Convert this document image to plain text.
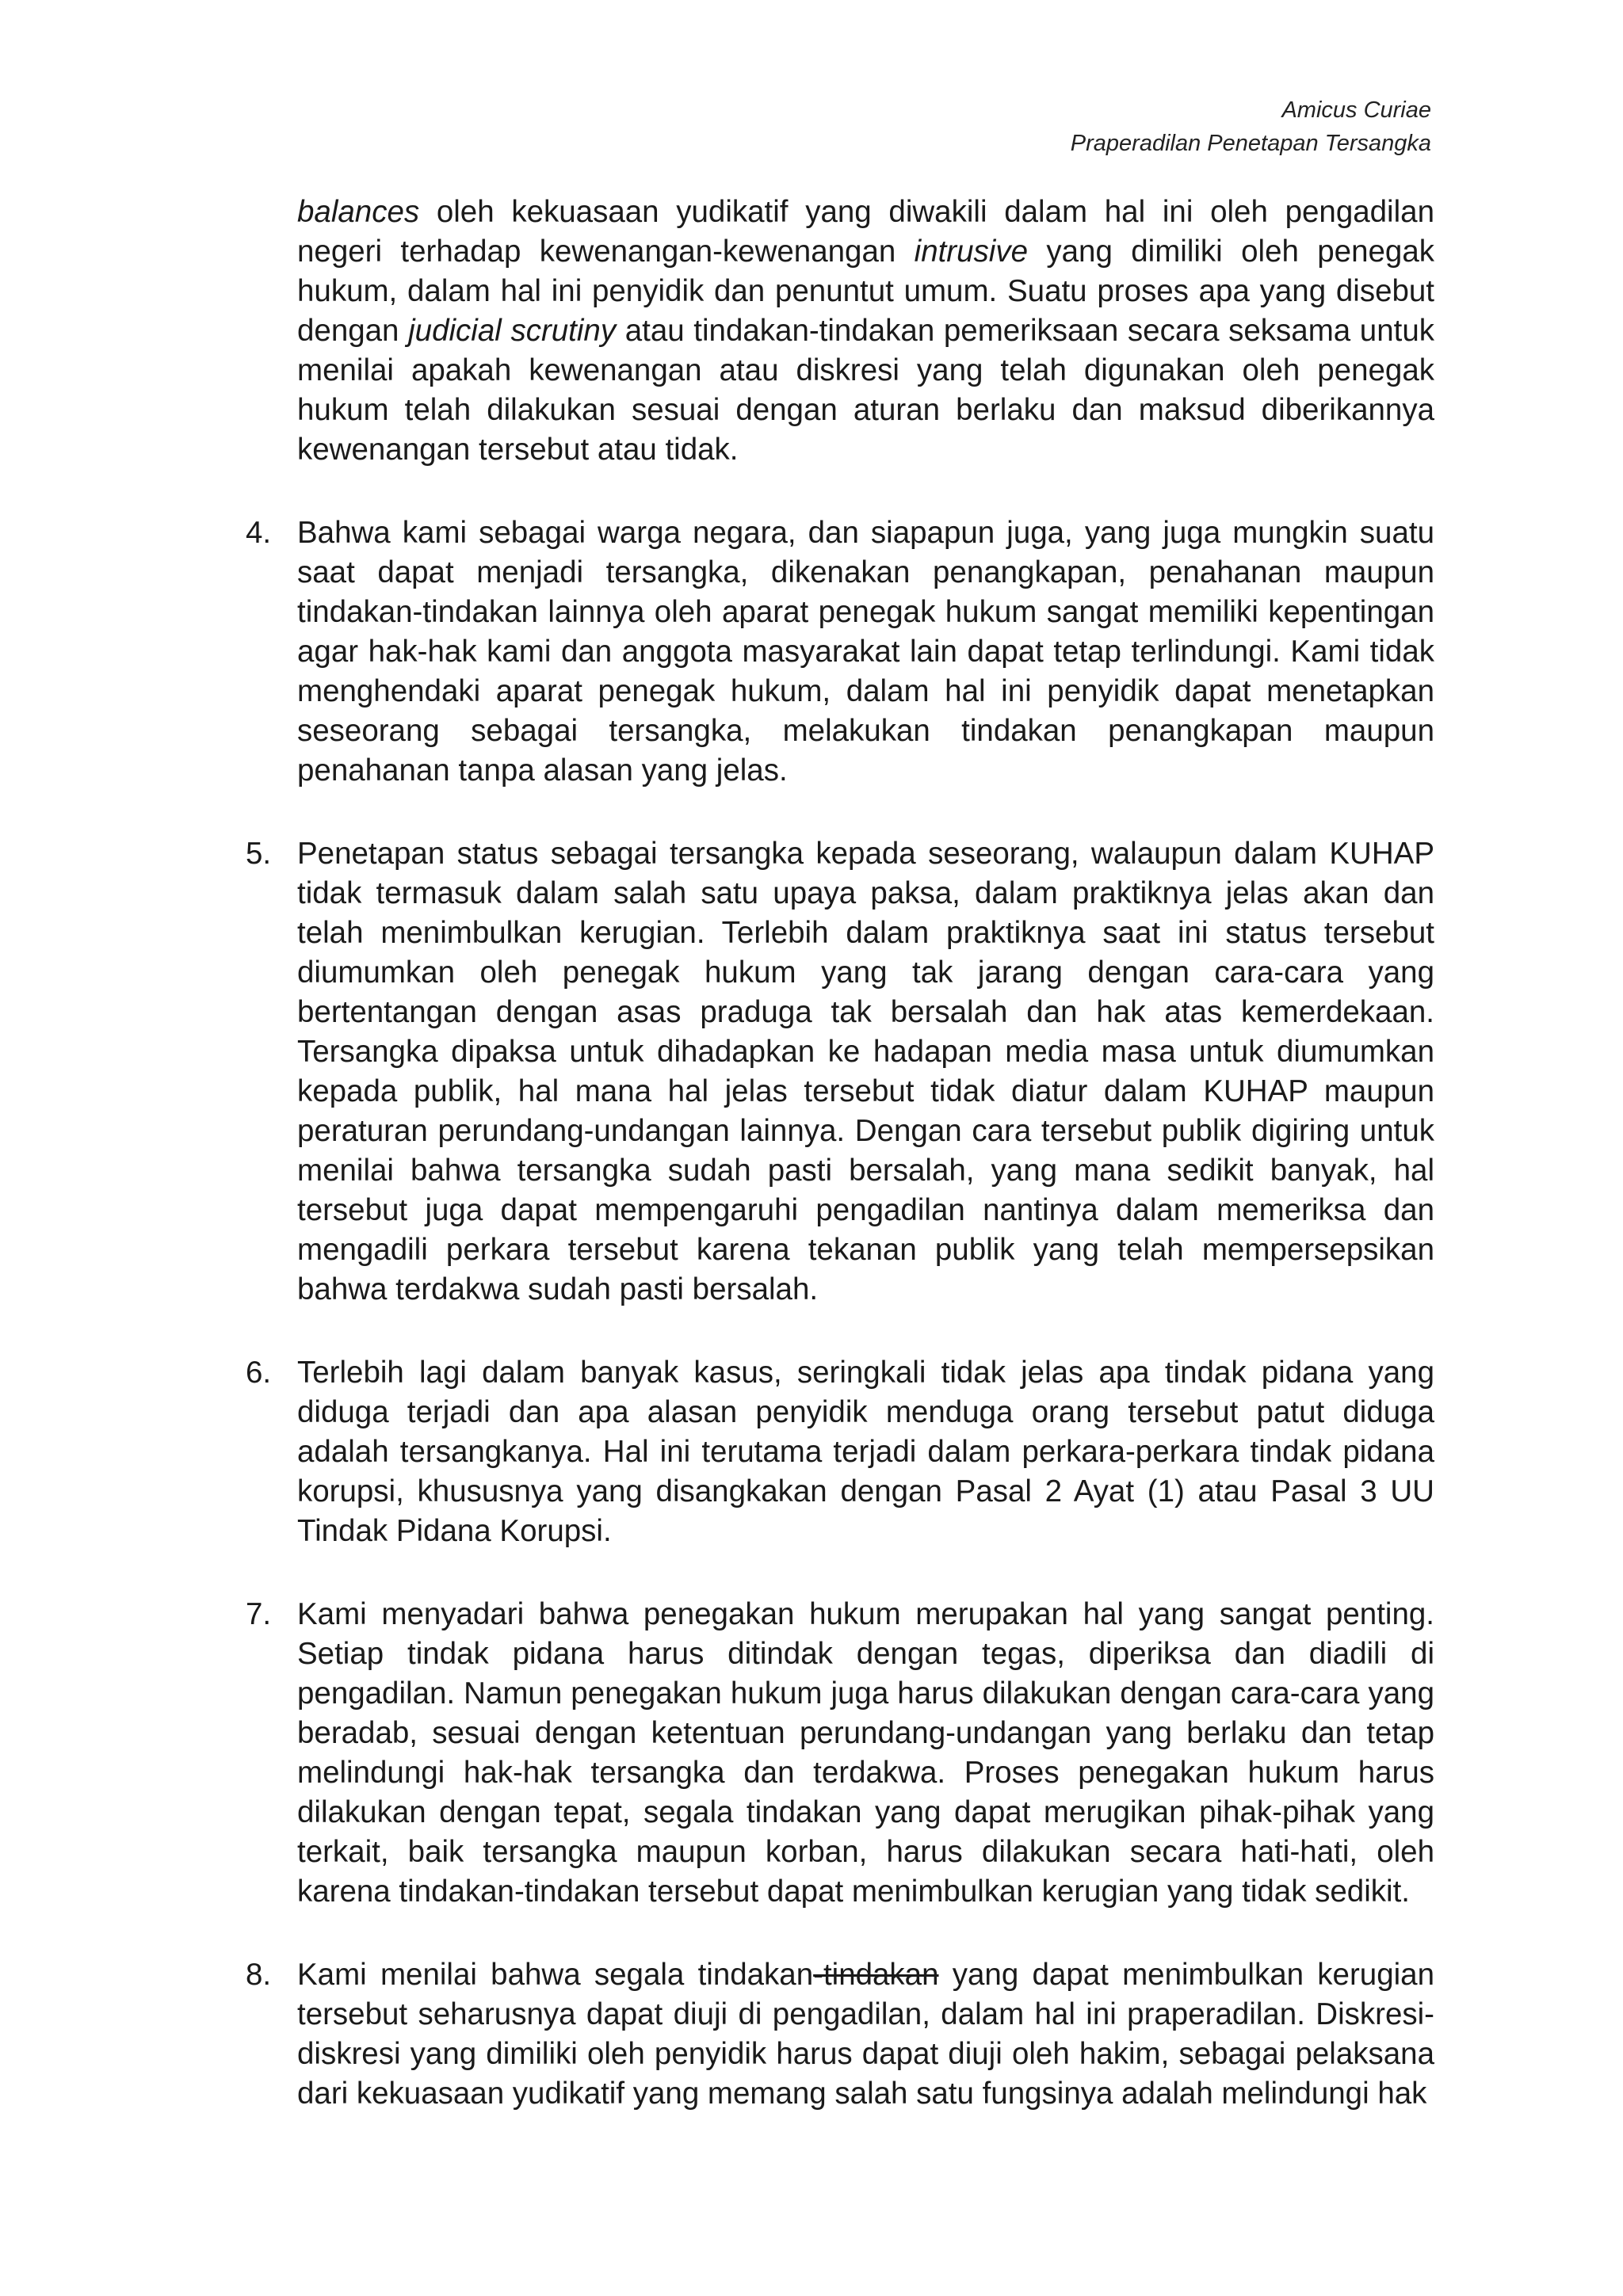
Amicus Curiae
Praperadilan Penetapan Tersangka

balances oleh kekuasaan yudikatif yang diwakili dalam hal ini oleh pengadilan negeri terhadap kewenangan-kewenangan intrusive yang dimiliki oleh penegak hukum, dalam hal ini penyidik dan penuntut umum. Suatu proses apa yang disebut dengan judicial scrutiny atau tindakan-tindakan pemeriksaan secara seksama untuk menilai apakah kewenangan atau diskresi yang telah digunakan oleh penegak hukum telah dilakukan sesuai dengan aturan berlaku dan maksud diberikannya kewenangan tersebut atau tidak.

4. Bahwa kami sebagai warga negara, dan siapapun juga, yang juga mungkin suatu saat dapat menjadi tersangka, dikenakan penangkapan, penahanan maupun tindakan-tindakan lainnya oleh aparat penegak hukum sangat memiliki kepentingan agar hak-hak kami dan anggota masyarakat lain dapat tetap terlindungi. Kami tidak menghendaki aparat penegak hukum, dalam hal ini penyidik dapat menetapkan seseorang sebagai tersangka, melakukan tindakan penangkapan maupun penahanan tanpa alasan yang jelas.
5. Penetapan status sebagai tersangka kepada seseorang, walaupun dalam KUHAP tidak termasuk dalam salah satu upaya paksa, dalam praktiknya jelas akan dan telah menimbulkan kerugian. Terlebih dalam praktiknya saat ini status tersebut diumumkan oleh penegak hukum yang tak jarang dengan cara-cara yang bertentangan dengan asas praduga tak bersalah dan hak atas kemerdekaan. Tersangka dipaksa untuk dihadapkan ke hadapan media masa untuk diumumkan kepada publik, hal mana hal jelas tersebut tidak diatur dalam KUHAP maupun peraturan perundang-undangan lainnya. Dengan cara tersebut publik digiring untuk menilai bahwa tersangka sudah pasti bersalah, yang mana sedikit banyak, hal tersebut juga dapat mempengaruhi pengadilan nantinya dalam memeriksa dan mengadili perkara tersebut karena tekanan publik yang telah mempersepsikan bahwa terdakwa sudah pasti bersalah.
6. Terlebih lagi dalam banyak kasus, seringkali tidak jelas apa tindak pidana yang diduga terjadi dan apa alasan penyidik menduga orang tersebut patut diduga adalah tersangkanya. Hal ini terutama terjadi dalam perkara-perkara tindak pidana korupsi, khususnya yang disangkakan dengan Pasal 2 Ayat (1) atau Pasal 3 UU Tindak Pidana Korupsi.
7. Kami menyadari bahwa penegakan hukum merupakan hal yang sangat penting. Setiap tindak pidana harus ditindak dengan tegas, diperiksa dan diadili di pengadilan. Namun penegakan hukum juga harus dilakukan dengan cara-cara yang beradab, sesuai dengan ketentuan perundang-undangan yang berlaku dan tetap melindungi hak-hak tersangka dan terdakwa. Proses penegakan hukum harus dilakukan dengan tepat, segala tindakan yang dapat merugikan pihak-pihak yang terkait, baik tersangka maupun korban, harus dilakukan secara hati-hati, oleh karena tindakan-tindakan tersebut dapat menimbulkan kerugian yang tidak sedikit.
8. Kami menilai bahwa segala tindakan-tindakan yang dapat menimbulkan kerugian tersebut seharusnya dapat diuji di pengadilan, dalam hal ini praperadilan. Diskresi-diskresi yang dimiliki oleh penyidik harus dapat diuji oleh hakim, sebagai pelaksana dari kekuasaan yudikatif yang memang salah satu fungsinya adalah melindungi hak
